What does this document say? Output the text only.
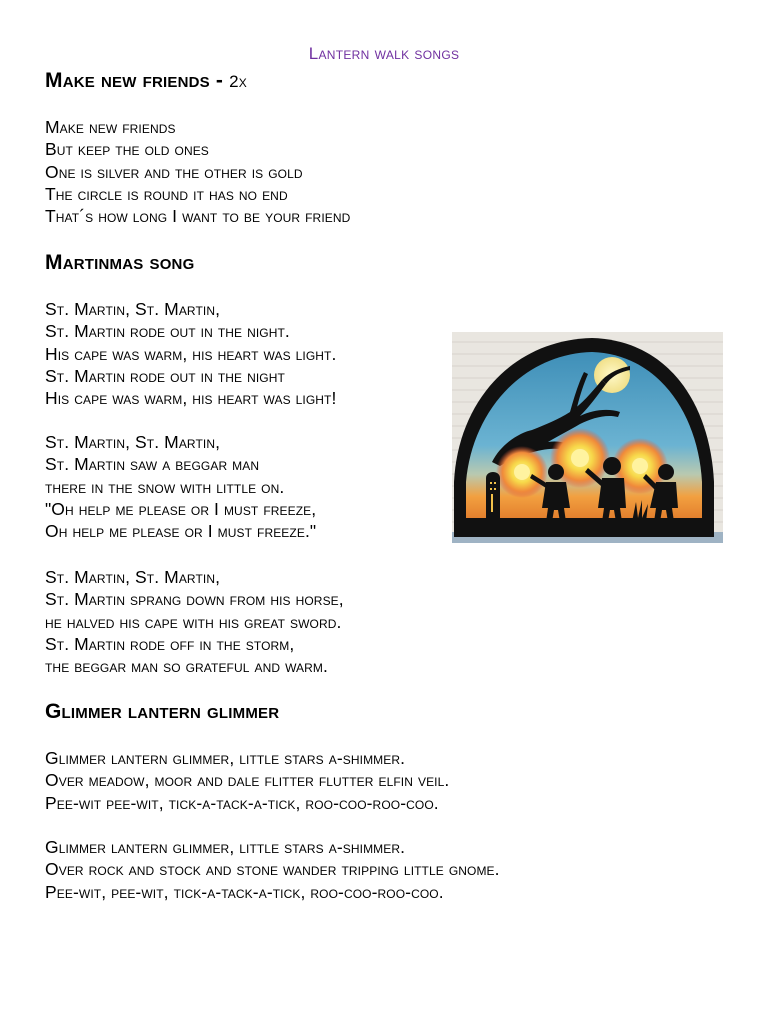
Lantern walk songs
Make new friends - 2x
Make new friends
But keep the old ones
One is silver and the other is gold
The circle is round it has no end
That´s how long I want to be your friend
Martinmas song
St. Martin, St. Martin,
St. Martin rode out in the night.
His cape was warm, his heart was light.
St. Martin rode out in the night
His cape was warm, his heart was light!
St. Martin, St. Martin,
St. Martin saw a beggar man
there in the snow with little on.
"Oh help me please or I must freeze,
Oh help me please or I must freeze."
St. Martin, St. Martin,
St. Martin sprang down from his horse,
he halved his cape with his great sword.
St. Martin rode off in the storm,
the beggar man so grateful and warm.
Glimmer lantern glimmer
Glimmer lantern glimmer, little stars a-shimmer.
Over meadow, moor and dale flitter flutter elfin veil.
Pee-wit pee-wit, tick-a-tack-a-tick, roo-coo-roo-coo.
Glimmer lantern glimmer, little stars a-shimmer.
Over rock and stock and stone wander tripping little gnome.
Pee-wit, pee-wit, tick-a-tack-a-tick, roo-coo-roo-coo.
